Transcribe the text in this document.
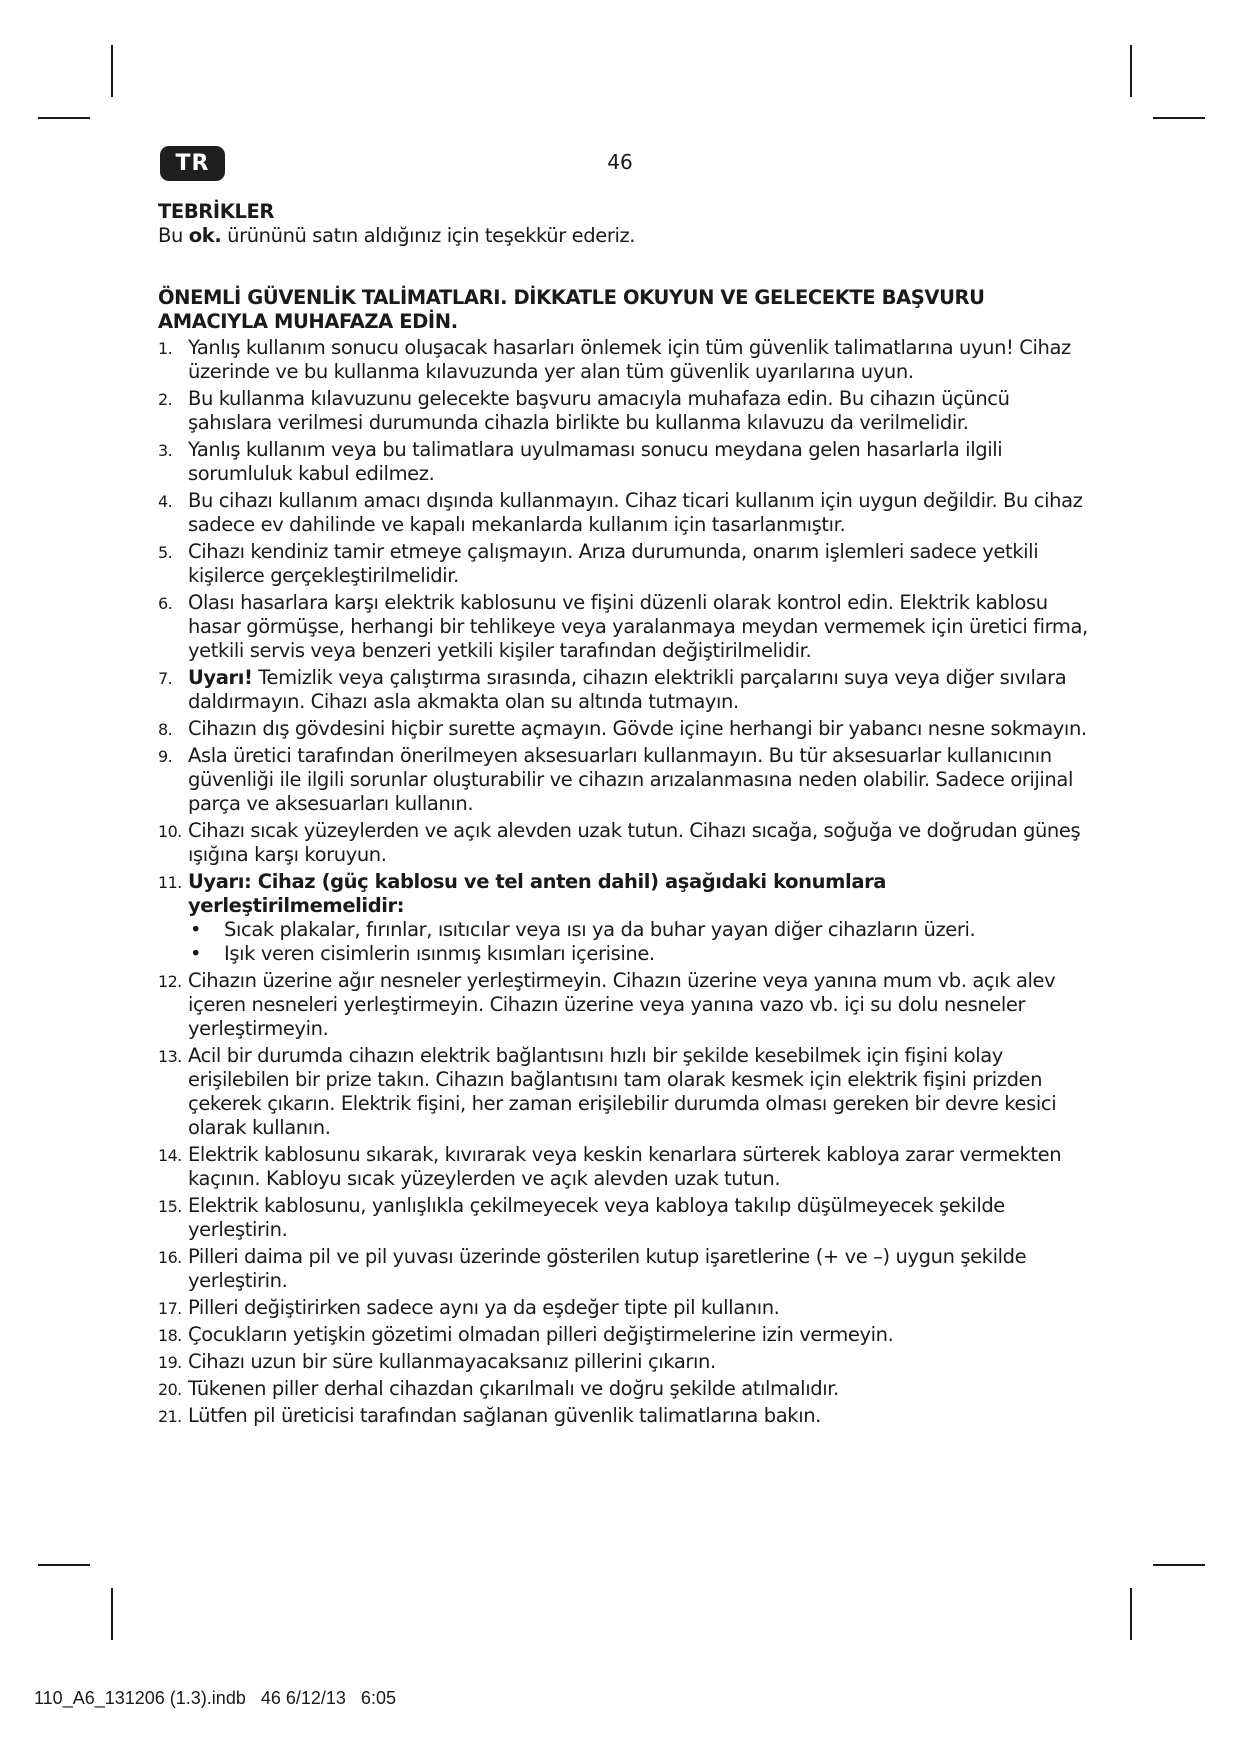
TR	46

TEBRİKLER

Bu ok. ürününü satın aldığınız için teşekkür ederiz.

ÖNEMLİ GÜVENLİK TALİMATLARI. DİKKATLE OKUYUN VE GELECEKTE BAŞVURU AMACIYLA MUHAFAZA EDİN.

1. Yanlış kullanım sonucu oluşacak hasarları önlemek için tüm güvenlik talimatlarına uyun! Cihaz üzerinde ve bu kullanma kılavuzunda yer alan tüm güvenlik uyarılarına uyun.
2. Bu kullanma kılavuzunu gelecekte başvuru amacıyla muhafaza edin. Bu cihazın üçüncü şahıslara verilmesi durumunda cihazla birlikte bu kullanma kılavuzu da verilmelidir.
3. Yanlış kullanım veya bu talimatlara uyulmaması sonucu meydana gelen hasarlarla ilgili sorumluluk kabul edilmez.
4. Bu cihazı kullanım amacı dışında kullanmayın. Cihaz ticari kullanım için uygun değildir. Bu cihaz sadece ev dahilinde ve kapalı mekanlarda kullanım için tasarlanmıştır.
5. Cihazı kendiniz tamir etmeye çalışmayın. Arıza durumunda, onarım işlemleri sadece yetkili kişilerce gerçekleştirilmelidir.
6. Olası hasarlara karşı elektrik kablosunu ve fişini düzenli olarak kontrol edin. Elektrik kablosu hasar görmüşse, herhangi bir tehlikeye veya yaralanmaya meydan vermemek için üretici firma, yetkili servis veya benzeri yetkili kişiler tarafından değiştirilmelidir.
7. Uyarı! Temizlik veya çalıştırma sırasında, cihazın elektrikli parçalarını suya veya diğer sıvılara daldırmayın. Cihazı asla akmakta olan su altında tutmayın.
8. Cihazın dış gövdesini hiçbir surette açmayın. Gövde içine herhangi bir yabancı nesne sokmayın.
9. Asla üretici tarafından önerilmeyen aksesuarları kullanmayın. Bu tür aksesuarlar kullanıcının güvenliği ile ilgili sorunlar oluşturabilir ve cihazın arızalanmasına neden olabilir. Sadece orijinal parça ve aksesuarları kullanın.
10. Cihazı sıcak yüzeylerden ve açık alevden uzak tutun. Cihazı sıcağa, soğuğa ve doğrudan güneş ışığına karşı koruyun.
11. Uyarı: Cihaz (güç kablosu ve tel anten dahil) aşağıdaki konumlara yerleştirilmemelidir:
• Sıcak plakalar, fırınlar, ısıtıcılar veya ısı ya da buhar yayan diğer cihazların üzeri.
• Işık veren cisimlerin ısınmış kısımları içerisine.
12. Cihazın üzerine ağır nesneler yerleştirmeyin. Cihazın üzerine veya yanına mum vb. açık alev içeren nesneleri yerleştirmeyin. Cihazın üzerine veya yanına vazo vb. içi su dolu nesneler yerleştirmeyin.
13. Acil bir durumda cihazın elektrik bağlantısını hızlı bir şekilde kesebilmek için fişini kolay erişilebilen bir prize takın. Cihazın bağlantısını tam olarak kesmek için elektrik fişini prizden çekerek çıkarın. Elektrik fişini, her zaman erişilebilir durumda olması gereken bir devre kesici olarak kullanın.
14. Elektrik kablosunu sıkarak, kıvırarak veya keskin kenarlara sürterek kabloya zarar vermekten kaçının. Kabloyu sıcak yüzeylerden ve açık alevden uzak tutun.
15. Elektrik kablosunu, yanlışlıkla çekilmeyecek veya kabloya takılıp düşülmeyecek şekilde yerleştirin.
16. Pilleri daima pil ve pil yuvası üzerinde gösterilen kutup işaretlerine (+ ve –) uygun şekilde yerleştirin.
17. Pilleri değiştirirken sadece aynı ya da eşdeğer tipte pil kullanın.
18. Çocukların yetişkin gözetimi olmadan pilleri değiştirmelerine izin vermeyin.
19. Cihazı uzun bir süre kullanmayacaksanız pillerini çıkarın.
20. Tükenen piller derhal cihazdan çıkarılmalı ve doğru şekilde atılmalıdır.
21. Lütfen pil üreticisi tarafından sağlanan güvenlik talimatlarına bakın.
110_A6_131206 (1.3).indb   46 6/12/13   6:05
